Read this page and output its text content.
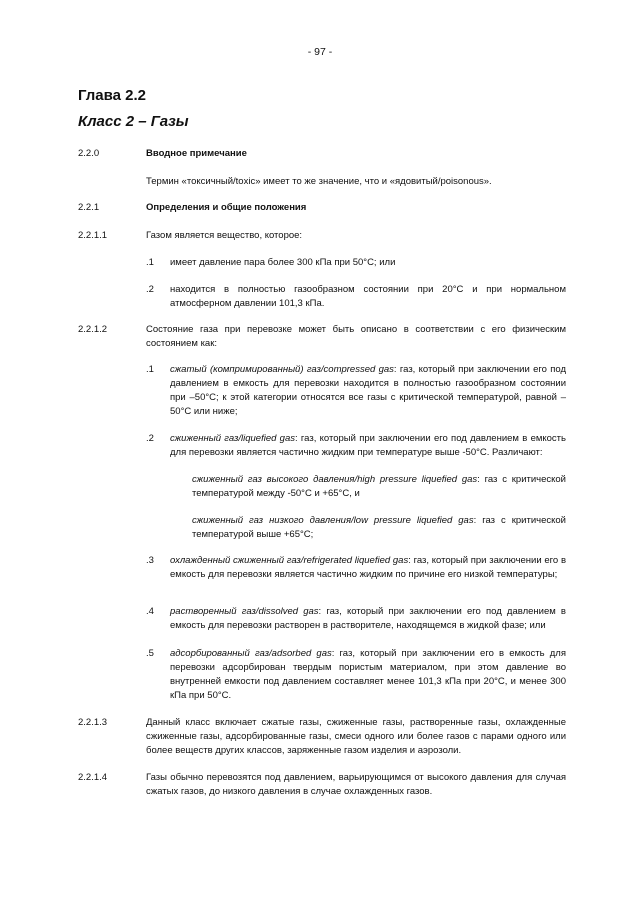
- 97 -
Глава 2.2
Класс 2 – Газы
2.2.0	Вводное примечание
Термин «токсичный/toxic» имеет то же значение, что и «ядовитый/poisonous».
2.2.1	Определения и общие положения
2.2.1.1	Газом является вещество, которое:
.1 имеет давление пара более 300 кПа при 50°С; или
.2 находится в полностью газообразном состоянии при 20°С и при нормальном атмосферном давлении 101,3 кПа.
2.2.1.2	Состояние газа при перевозке может быть описано в соответствии с его физическим состоянием как:
.1 сжатый (компримированный) газ/compressed gas: газ, который при заключении его под давлением в емкость для перевозки находится в полностью газообразном состоянии при –50°С; к этой категории относятся все газы с критической температурой, равной – 50°С или ниже;
.2 сжиженный газ/liquefied gas: газ, который при заключении его под давлением в емкость для перевозки является частично жидким при температуре выше -50°С. Различают:
сжиженный газ высокого давления/high pressure liquefied gas: газ с критической температурой между -50°С и +65°С, и
сжиженный газ низкого давления/low pressure liquefied gas: газ с критической температурой выше +65°С;
.3 охлажденный сжиженный газ/refrigerated liquefied gas: газ, который при заключении его в емкость для перевозки является частично жидким по причине его низкой температуры;
.4 растворенный газ/dissolved gas: газ, который при заключении его под давлением в емкость для перевозки растворен в растворителе, находящемся в жидкой фазе; или
.5 адсорбированный газ/adsorbed gas: газ, который при заключении его в емкость для перевозки адсорбирован твердым пористым материалом, при этом давление во внутренней емкости под давлением составляет менее 101,3 кПа при 20°С, и менее 300 кПа при 50°С.
2.2.1.3	Данный класс включает сжатые газы, сжиженные газы, растворенные газы, охлажденные сжиженные газы, адсорбированные газы, смеси одного или более газов с парами одного или более веществ других классов, заряженные газом изделия и аэрозоли.
2.2.1.4	Газы обычно перевозятся под давлением, варьирующимся от высокого давления для случая сжатых газов, до низкого давления в случае охлажденных газов.
